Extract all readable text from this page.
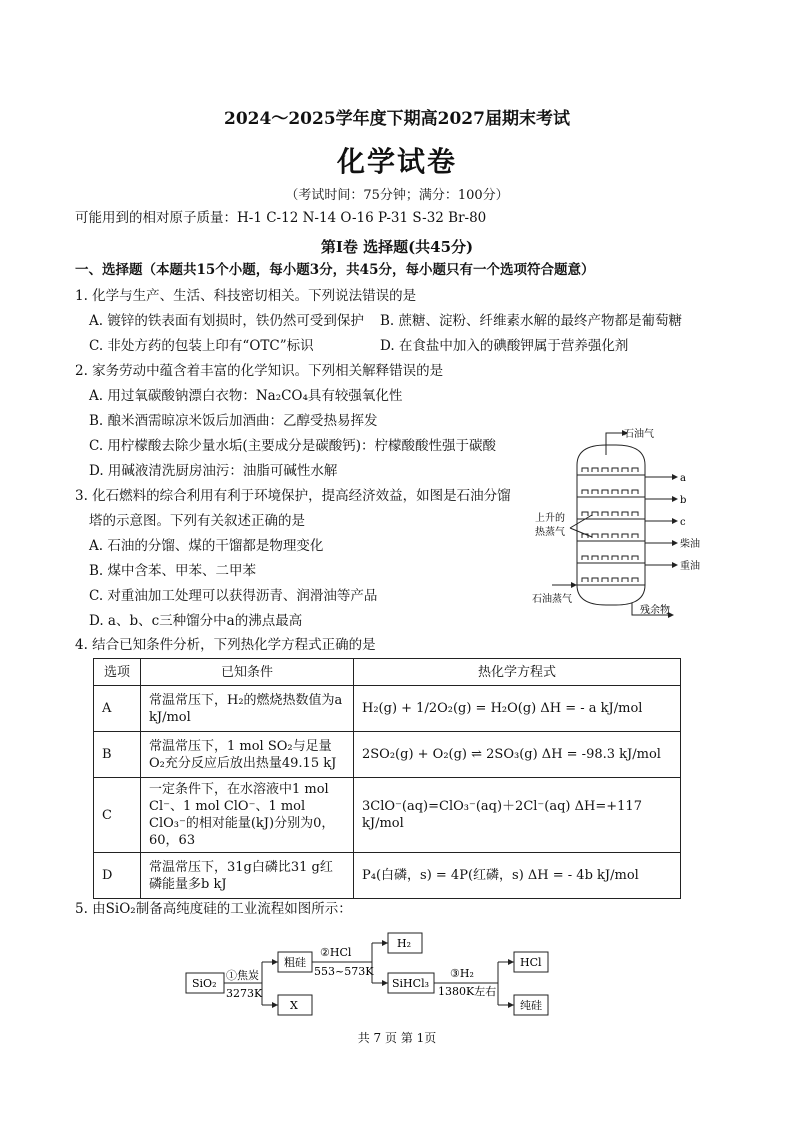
2024～2025学年度下期高2027届期末考试
化学试卷
（考试时间：75分钟；满分：100分）
可能用到的相对原子质量：H-1 C-12 N-14 O-16 P-31 S-32 Br-80
第Ⅰ卷 选择题(共45分)
一、选择题（本题共15个小题，每小题3分，共45分，每小题只有一个选项符合题意）
1. 化学与生产、生活、科技密切相关。下列说法错误的是
A. 镀锌的铁表面有划损时，铁仍然可受到保护 B. 蔗糖、淀粉、纤维素水解的最终产物都是葡萄糖
C. 非处方药的包装上印有“OTC”标识	D. 在食盐中加入的碘酸钾属于营养强化剂
2. 家务劳动中蕴含着丰富的化学知识。下列相关解释错误的是
A. 用过氧碳酸钠漂白衣物：Na₂CO₄具有较强氧化性
B. 酿米酒需晾凉米饭后加酒曲：乙醇受热易挥发
C. 用柠檬酸去除少量水垢(主要成分是碳酸钙)：柠檬酸酸性强于碳酸
D. 用碱液清洗厨房油污：油脂可碱性水解
3. 化石燃料的综合利用有利于环境保护，提高经济效益，如图是石油分馏
塔的示意图。下列有关叙述正确的是
A. 石油的分馏、煤的干馏都是物理变化
B. 煤中含苯、甲苯、二甲苯
C. 对重油加工处理可以获得沥青、润滑油等产品
D. a、b、c三种馏分中a的沸点最高
石油气
a
b
c
柴油
重油
上升的
热蒸气
石油蒸气
残余物
4. 结合已知条件分析，下列热化学方程式正确的是
选项	已知条件	热化学方程式
A	常温常压下，H₂的燃烧热数值为a kJ/mol	H₂(g) + 1/2O₂(g) = H₂O(g) ΔH = - a kJ/mol
B	常温常压下，1 mol SO₂与足量O₂充分反应后放出热量49.15 kJ	2SO₂(g) + O₂(g) ⇌ 2SO₃(g) ΔH = -98.3 kJ/mol
C	一定条件下，在水溶液中1 mol Cl⁻、1 mol ClO⁻、1 mol ClO₃⁻的相对能量(kJ)分别为0，60，63	3ClO⁻(aq)=ClO₃⁻(aq)＋2Cl⁻(aq) ΔH=+117 kJ/mol
D	常温常压下，31g白磷比31 g红磷能量多b kJ	P₄(白磷，s) = 4P(红磷，s) ΔH = - 4b kJ/mol
5. 由SiO₂制备高纯度硅的工业流程如图所示：
SiO₂
①焦炭
3273K
粗硅
X
②HCl
553~573K
H₂
SiHCl₃
③H₂
1380K左右
HCl
纯硅
共 7 页 第 1页
